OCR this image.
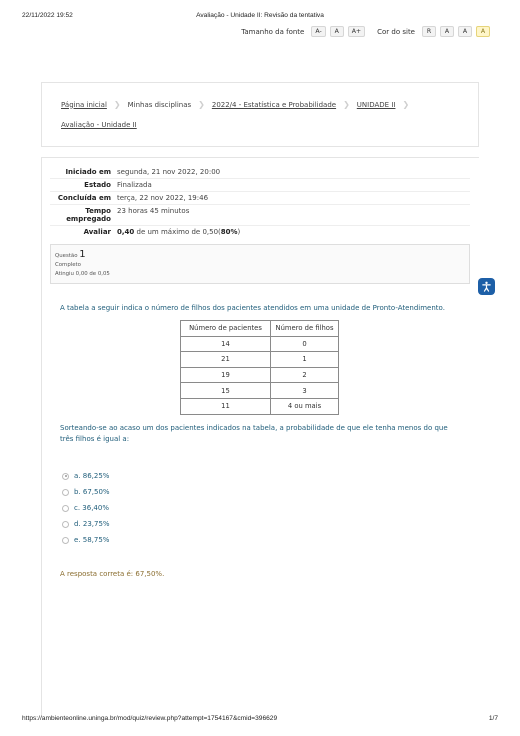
22/11/2022 19:52	Avaliação - Unidade II: Revisão da tentativa
Tamanho da fonte	A-	A	A+	Cor do site	R	A	A	A
Página inicial ❯ Minhas disciplinas ❯ 2022/4 - Estatística e Probabilidade ❯ UNIDADE II ❯
Avaliação - Unidade II
Iniciado em segunda, 21 nov 2022, 20:00
Estado Finalizada
Concluída em terça, 22 nov 2022, 19:46
Tempo empregado
23 horas 45 minutos
Avaliar 0,40 de um máximo de 0,50(80%)
Questão 1
Completo
Atingiu 0,00 de 0,05
A tabela a seguir indica o número de filhos dos pacientes atendidos em uma unidade de Pronto-Atendimento.
Número de pacientes	Número de filhos
14	0
21	1
19	2
15	3
11	4 ou mais
Sorteando-se ao acaso um dos pacientes indicados na tabela, a probabilidade de que ele tenha menos do que três filhos é igual a:
a. 86,25%
b. 67,50%
c. 36,40%
d. 23,75%
e. 58,75%
A resposta correta é: 67,50%.
https://ambienteonline.uninga.br/mod/quiz/review.php?attempt=1754167&cmid=396629	1/7
